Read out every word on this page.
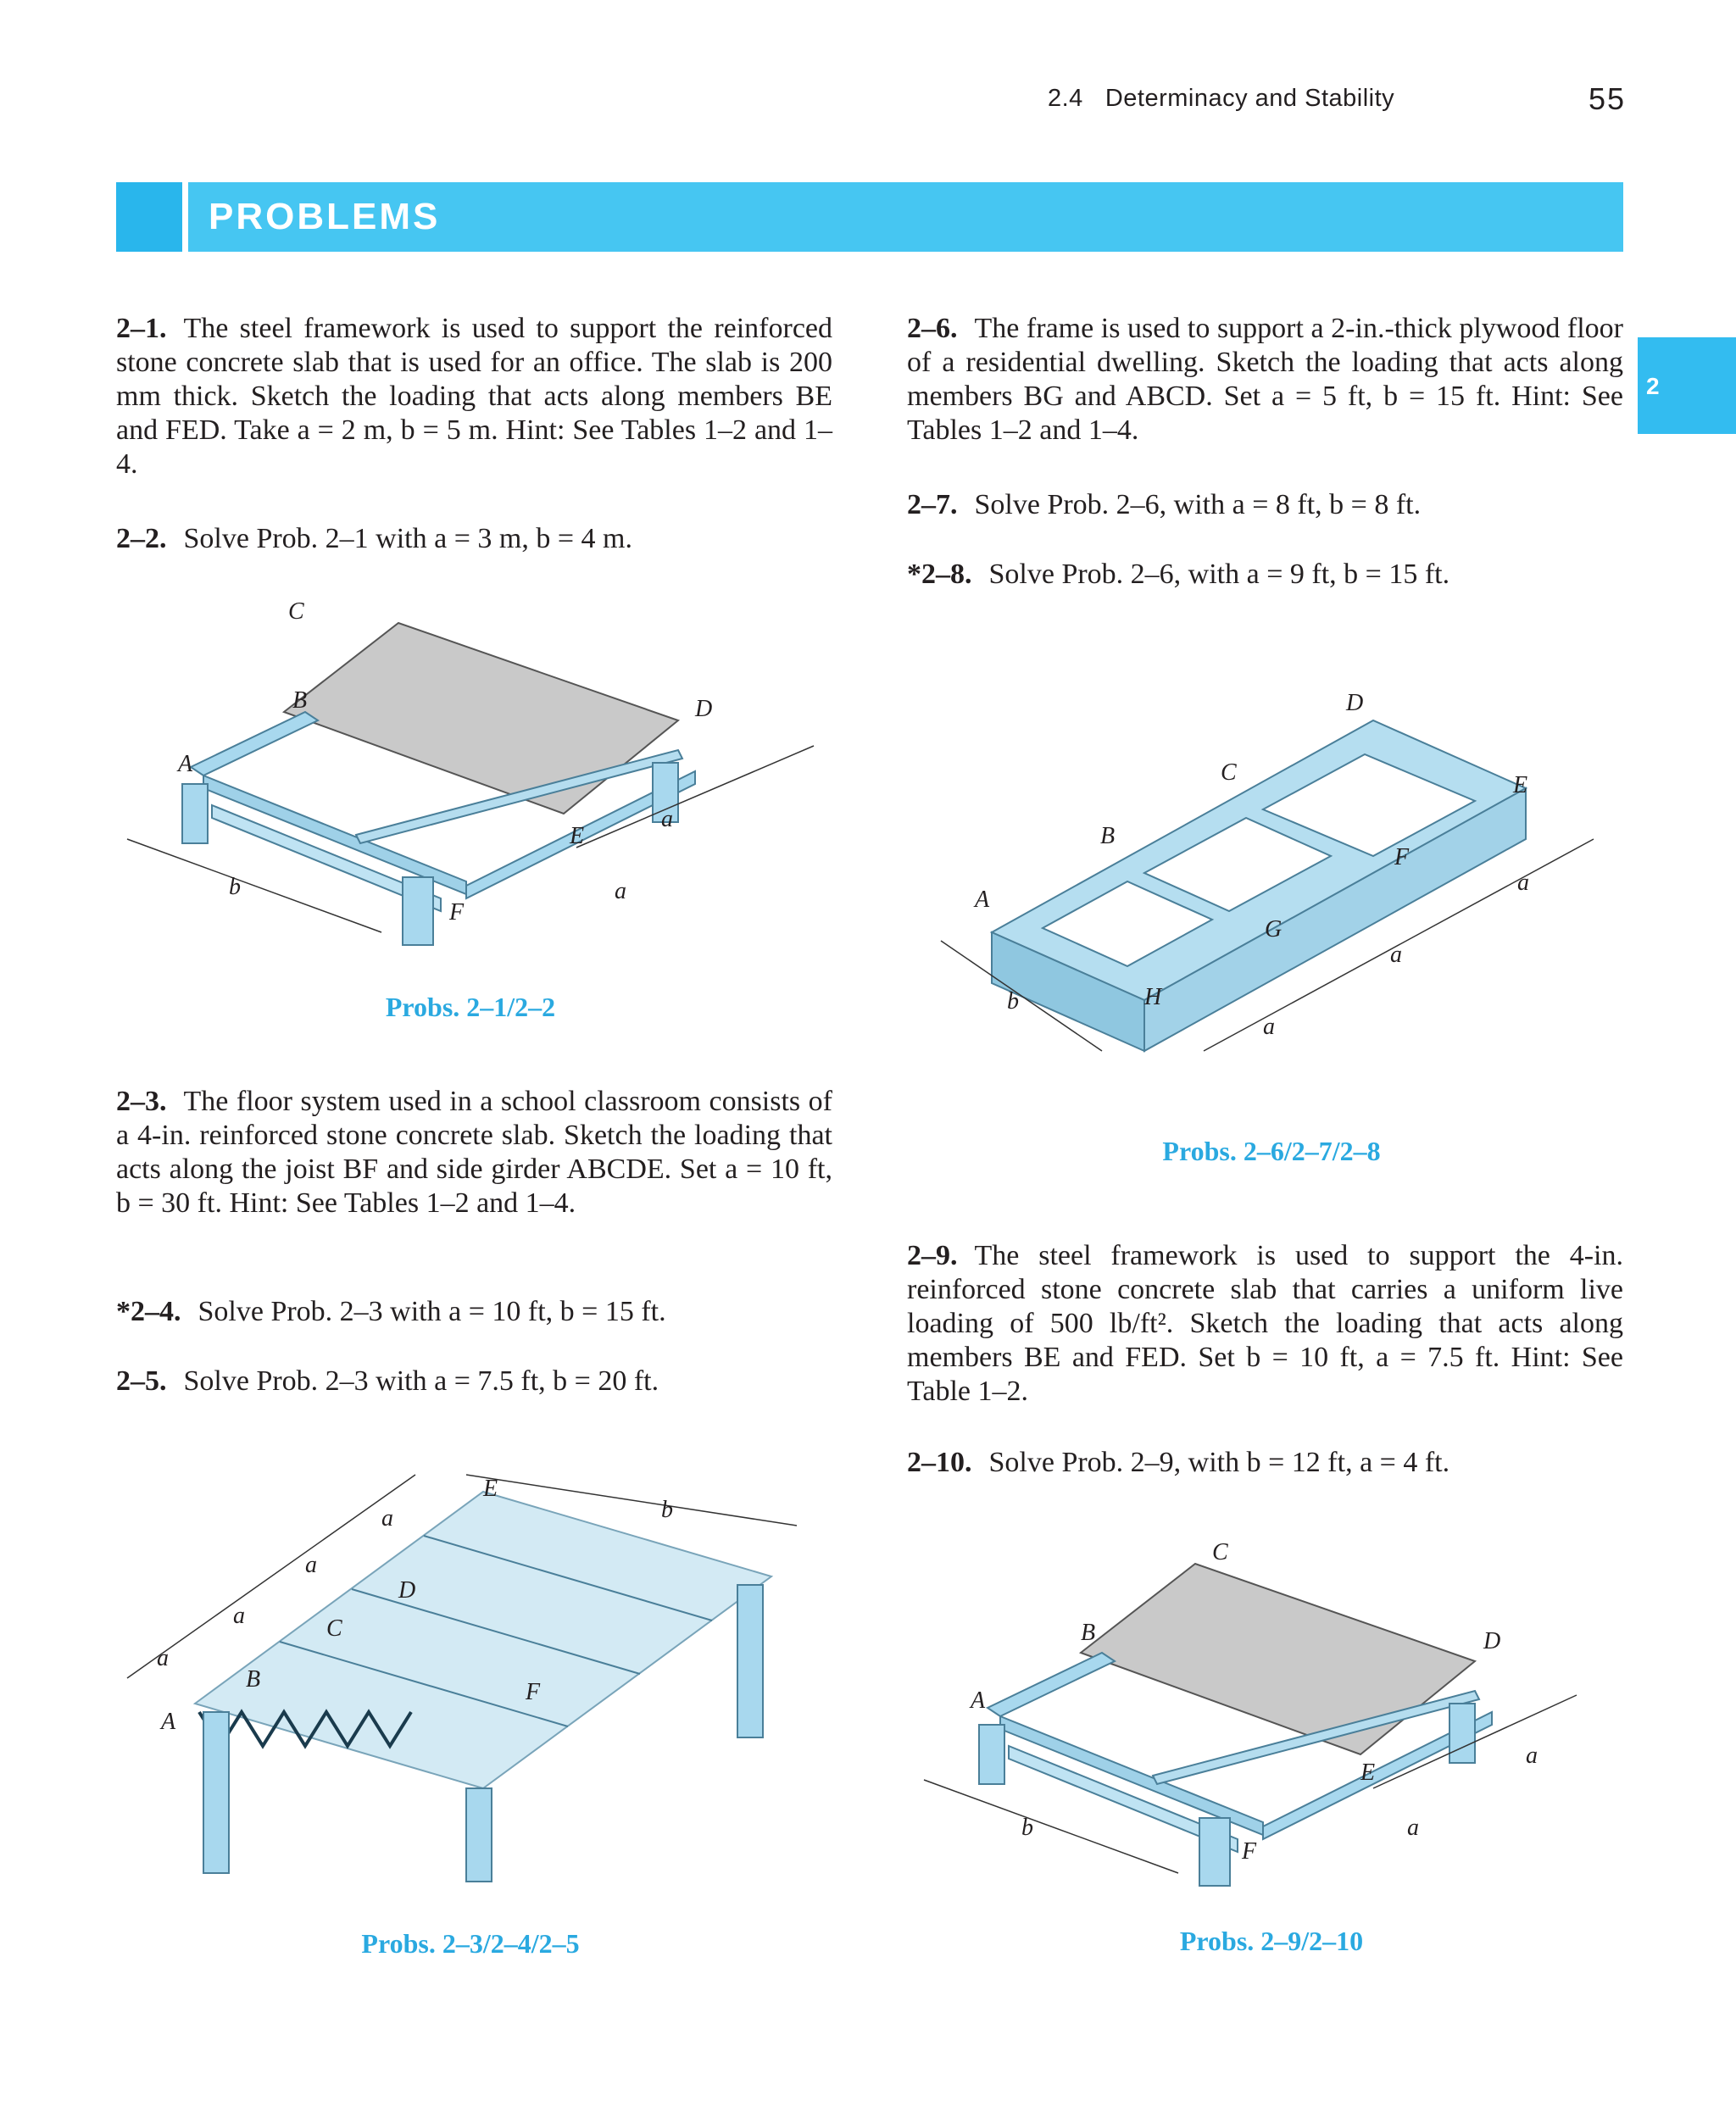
2.4 Determinacy and Stability	55
PROBLEMS
2

2–1. The steel framework is used to support the reinforced stone concrete slab that is used for an office. The slab is 200 mm thick. Sketch the loading that acts along members BE and FED. Take a = 2 m, b = 5 m. Hint: See Tables 1–2 and 1–4.

2–2. Solve Prob. 2–1 with a = 3 m, b = 4 m.

C
B	D
A
E
F
b	a
a
Probs. 2–1/2–2

2–3. The floor system used in a school classroom consists of a 4-in. reinforced stone concrete slab. Sketch the loading that acts along the joist BF and side girder ABCDE. Set a = 10 ft, b = 30 ft. Hint: See Tables 1–2 and 1–4.

*2–4. Solve Prob. 2–3 with a = 10 ft, b = 15 ft.

2–5. Solve Prob. 2–3 with a = 7.5 ft, b = 20 ft.

E
D
C
B
A
F
a
a
a
a
b
Probs. 2–3/2–4/2–5

2–6. The frame is used to support a 2-in.-thick plywood floor of a residential dwelling. Sketch the loading that acts along members BG and ABCD. Set a = 5 ft, b = 15 ft. Hint: See Tables 1–2 and 1–4.

2–7. Solve Prob. 2–6, with a = 8 ft, b = 8 ft.

*2–8. Solve Prob. 2–6, with a = 9 ft, b = 15 ft.

A
B
C
D
E
F
G
H
b
a
a
a
Probs. 2–6/2–7/2–8

2–9. The steel framework is used to support the 4-in. reinforced stone concrete slab that carries a uniform live loading of 500 lb/ft². Sketch the loading that acts along members BE and FED. Set b = 10 ft, a = 7.5 ft. Hint: See Table 1–2.

2–10. Solve Prob. 2–9, with b = 12 ft, a = 4 ft.

C
B	D
A
E
F
b	a
a
Probs. 2–9/2–10
